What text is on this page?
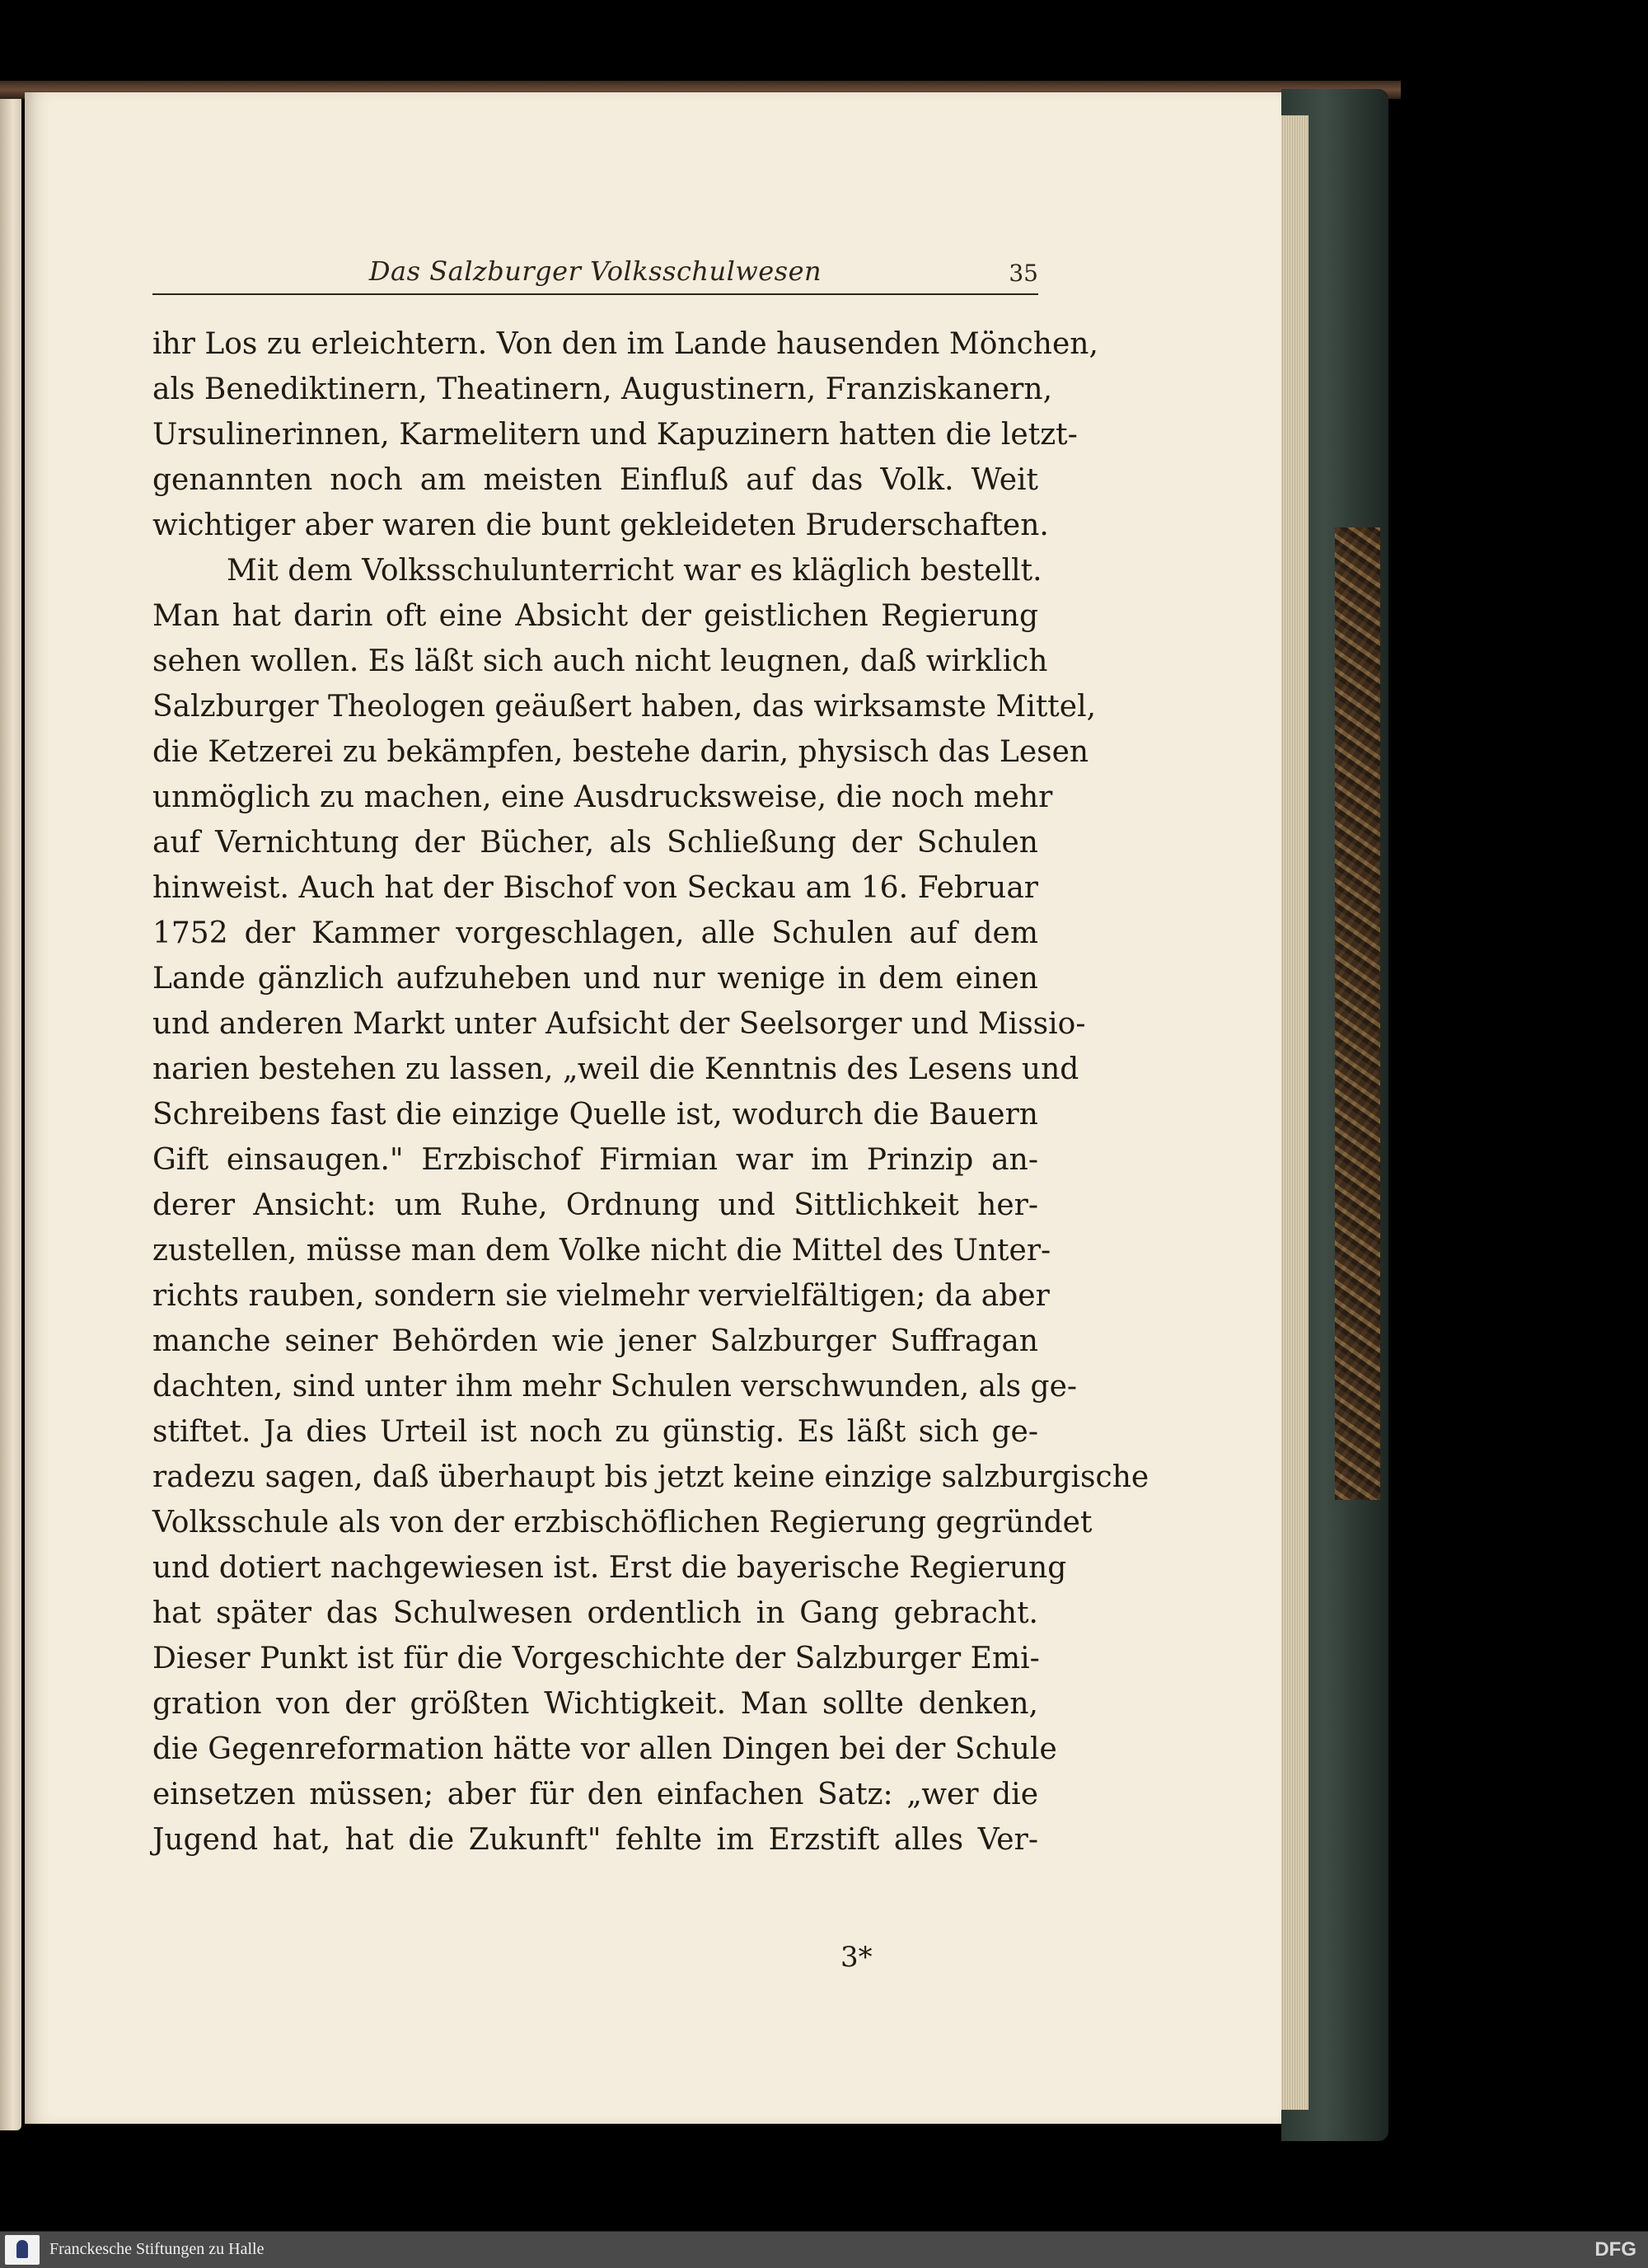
Das Salzburger Volksschulwesen	35
ihr Los zu erleichtern. Von den im Lande hausenden Mönchen,
als Benediktinern, Theatinern, Augustinern, Franziskanern,
Ursulinerinnen, Karmelitern und Kapuzinern hatten die letzt-
genannten noch am meisten Einfluß auf das Volk. Weit
wichtiger aber waren die bunt gekleideten Bruderschaften.
Mit dem Volksschulunterricht war es kläglich bestellt.
Man hat darin oft eine Absicht der geistlichen Regierung
sehen wollen. Es läßt sich auch nicht leugnen, daß wirklich
Salzburger Theologen geäußert haben, das wirksamste Mittel,
die Ketzerei zu bekämpfen, bestehe darin, physisch das Lesen
unmöglich zu machen, eine Ausdrucksweise, die noch mehr
auf Vernichtung der Bücher, als Schließung der Schulen
hinweist. Auch hat der Bischof von Seckau am 16. Februar
1752 der Kammer vorgeschlagen, alle Schulen auf dem
Lande gänzlich aufzuheben und nur wenige in dem einen
und anderen Markt unter Aufsicht der Seelsorger und Missio-
narien bestehen zu lassen, „weil die Kenntnis des Lesens und
Schreibens fast die einzige Quelle ist, wodurch die Bauern
Gift einsaugen." Erzbischof Firmian war im Prinzip an-
derer Ansicht: um Ruhe, Ordnung und Sittlichkeit her-
zustellen, müsse man dem Volke nicht die Mittel des Unter-
richts rauben, sondern sie vielmehr vervielfältigen; da aber
manche seiner Behörden wie jener Salzburger Suffragan
dachten, sind unter ihm mehr Schulen verschwunden, als ge-
stiftet. Ja dies Urteil ist noch zu günstig. Es läßt sich ge-
radezu sagen, daß überhaupt bis jetzt keine einzige salzburgische
Volksschule als von der erzbischöflichen Regierung gegründet
und dotiert nachgewiesen ist. Erst die bayerische Regierung
hat später das Schulwesen ordentlich in Gang gebracht.
Dieser Punkt ist für die Vorgeschichte der Salzburger Emi-
gration von der größten Wichtigkeit. Man sollte denken,
die Gegenreformation hätte vor allen Dingen bei der Schule
einsetzen müssen; aber für den einfachen Satz: „wer die
Jugend hat, hat die Zukunft" fehlte im Erzstift alles Ver-
3*
Franckesche Stiftungen zu Halle	DFG
